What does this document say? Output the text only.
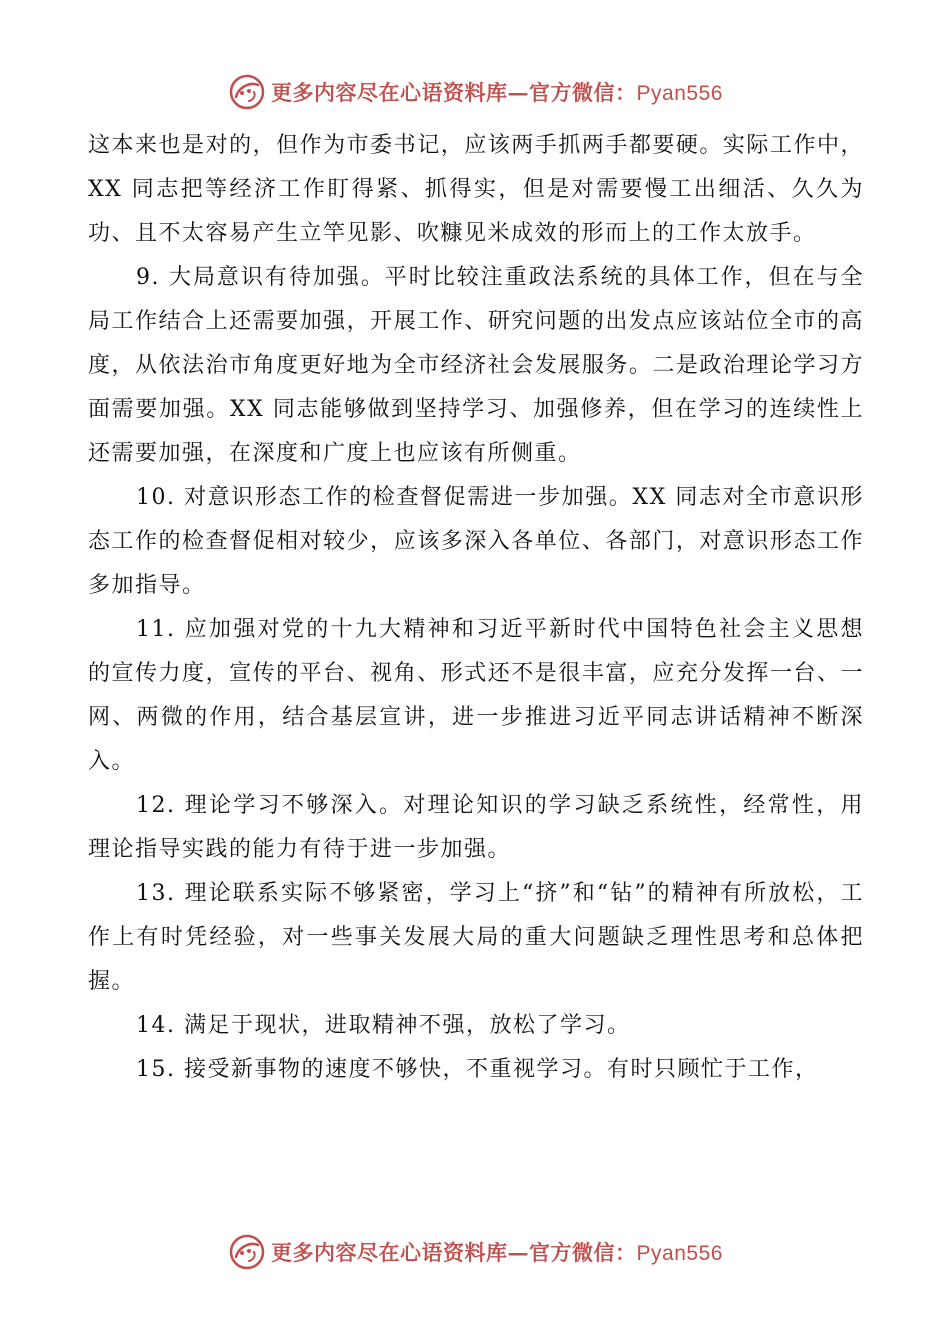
更多内容尽在心语资料库—官方微信：Pyan556

这本来也是对的，但作为市委书记，应该两手抓两手都要硬。实际工作中，XX 同志把等经济工作盯得紧、抓得实，但是对需要慢工出细活、久久为功、且不太容易产生立竿见影、吹糠见米成效的形而上的工作太放手。

9. 大局意识有待加强。平时比较注重政法系统的具体工作，但在与全局工作结合上还需要加强，开展工作、研究问题的出发点应该站位全市的高度，从依法治市角度更好地为全市经济社会发展服务。二是政治理论学习方面需要加强。XX 同志能够做到坚持学习、加强修养，但在学习的连续性上还需要加强，在深度和广度上也应该有所侧重。

10. 对意识形态工作的检查督促需进一步加强。XX 同志对全市意识形态工作的检查督促相对较少，应该多深入各单位、各部门，对意识形态工作多加指导。

11. 应加强对党的十九大精神和习近平新时代中国特色社会主义思想的宣传力度，宣传的平台、视角、形式还不是很丰富，应充分发挥一台、一网、两微的作用，结合基层宣讲，进一步推进习近平同志讲话精神不断深入。

12. 理论学习不够深入。对理论知识的学习缺乏系统性，经常性，用理论指导实践的能力有待于进一步加强。

13. 理论联系实际不够紧密，学习上“挤”和“钻”的精神有所放松，工作上有时凭经验，对一些事关发展大局的重大问题缺乏理性思考和总体把握。

14. 满足于现状，进取精神不强，放松了学习。

15. 接受新事物的速度不够快，不重视学习。有时只顾忙于工作，

更多内容尽在心语资料库—官方微信：Pyan556
